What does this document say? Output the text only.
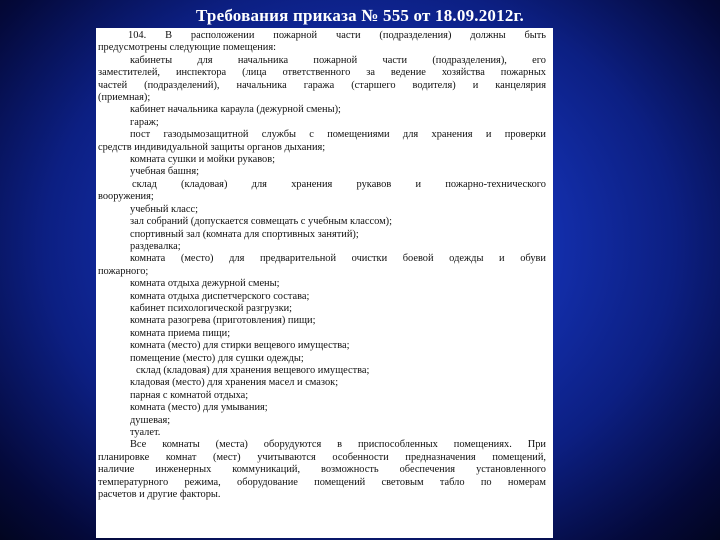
Требования приказа № 555 от 18.09.2012г.
104. В расположении пожарной части (подразделения) должны быть
предусмотрены следующие помещения:
кабинеты для начальника пожарной части (подразделения), его
заместителей, инспектора (лица ответственного за ведение хозяйства пожарных
частей (подразделений), начальника гаража (старшего водителя) и канцелярия
(приемная);
кабинет начальника караула (дежурной смены);
гараж;
пост газодымозащитной службы с помещениями для хранения и проверки
средств индивидуальной защиты органов дыхания;
комната сушки и мойки рукавов;
учебная башня;
склад (кладовая) для хранения рукавов и пожарно-технического
вооружения;
учебный класс;
зал собраний (допускается совмещать с учебным классом);
спортивный зал (комната для спортивных занятий);
раздевалка;
комната (место) для предварительной очистки боевой одежды и обуви
пожарного;
комната отдыха дежурной смены;
комната отдыха диспетчерского состава;
кабинет психологической разгрузки;
комната разогрева (приготовления) пищи;
комната приема пищи;
комната (место) для стирки вещевого имущества;
помещение (место) для сушки одежды;
склад (кладовая) для хранения вещевого имущества;
кладовая (место) для хранения масел и смазок;
парная с комнатой отдыха;
комната (место) для умывания;
душевая;
туалет.
Все комнаты (места) оборудуются в приспособленных помещениях. При
планировке комнат (мест) учитываются особенности предназначения помещений,
наличие инженерных коммуникаций, возможность обеспечения установленного
температурного режима, оборудование помещений световым табло по номерам
расчетов и другие факторы.
